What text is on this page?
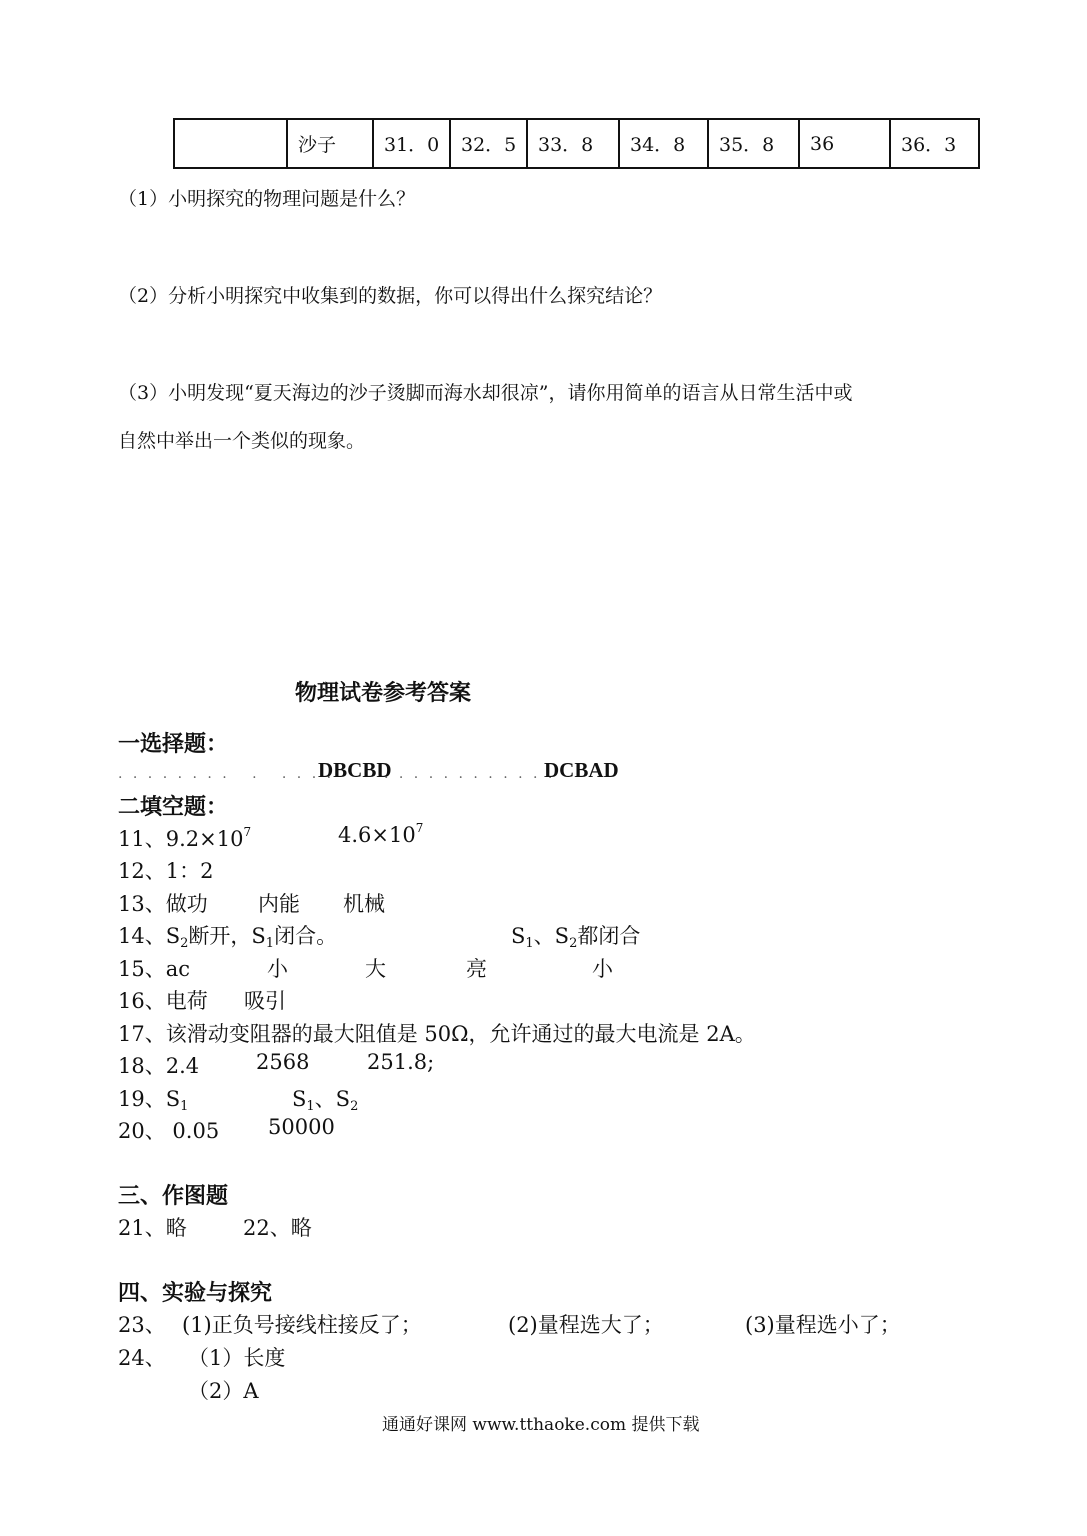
	沙子	31．0	32．5	33．8	34．8	35．8	36	36．3
（1）小明探究的物理问题是什么？
（2）分析小明探究中收集到的数据，你可以得出什么探究结论？
（3）小明发现“夏天海边的沙子烫脚而海水却很凉”，请你用简单的语言从日常生活中或
自然中举出一个类似的现象。
物理试卷参考答案
一选择题：
. . . . . . . .   .   . . . .
DBCBD
. . . . . . . . . . . .
DCBAD
二填空题：
11、$9.2\times 10^7$	$4.6\times 10^7$
12、1：2
13、做功 内能 机械
14、$S_2$断开，$S_1$闭合。	$S_1$、$S_2$都闭合
15、ac	小	大	亮	小
16、电荷 吸引
17、该滑动变阻器的最大阻值是 50Ω，允许通过的最大电流是 2A。
18、2.4	2568	251.8;
19、$S_1$	$S_1$、$S_2$
20、 0.05 50000
三、作图题
21、略	22、略
四、实验与探究
23、 (1)正负号接线柱接反了；	(2)量程选大了；	(3)量程选小了；
24、 （1）长度
（2）A
通通好课网 www.tthaoke.com 提供下载
